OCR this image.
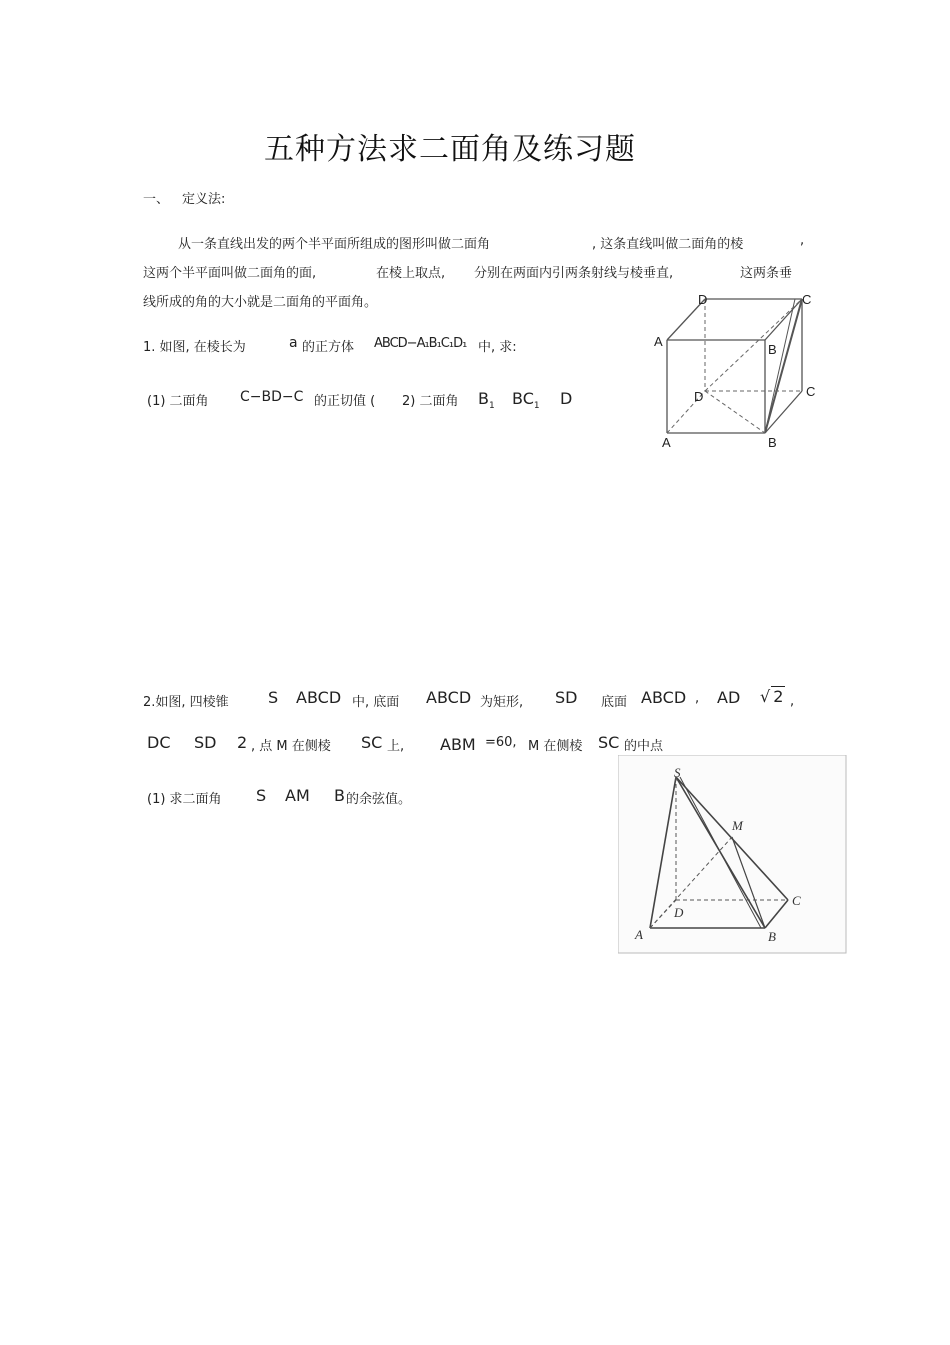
五种方法求二面角及练习题
一、 定义法:
从一条直线出发的两个半平面所组成的图形叫做二面角	, 这条直线叫做二面角的棱	,
这两个半平面叫做二面角的面,	在棱上取点, 分别在两面内引两条射线与棱垂直,	这两条垂
线所成的角的大小就是二面角的平面角。
1. 如图, 在棱长为	a 的正方体 ABCD−A₁B₁C₁D₁ 中, 求:
(1) 二面角 C−BD−C 的正切值 ( 2) 二面角 $B_1$ $BC_1$ D
D	C
A
B
D	C
A	B
2.如图, 四棱锥 S ABCD 中, 底面 ABCD 为矩形, SD 底面 ABCD , AD √ 2 ,
DC SD 2 , 点 M 在侧棱 SC 上, ABM =60, M 在侧棱 SC 的中点
(1) 求二面角 S AM B 的余弦值。
S
M
D
C
A	B
